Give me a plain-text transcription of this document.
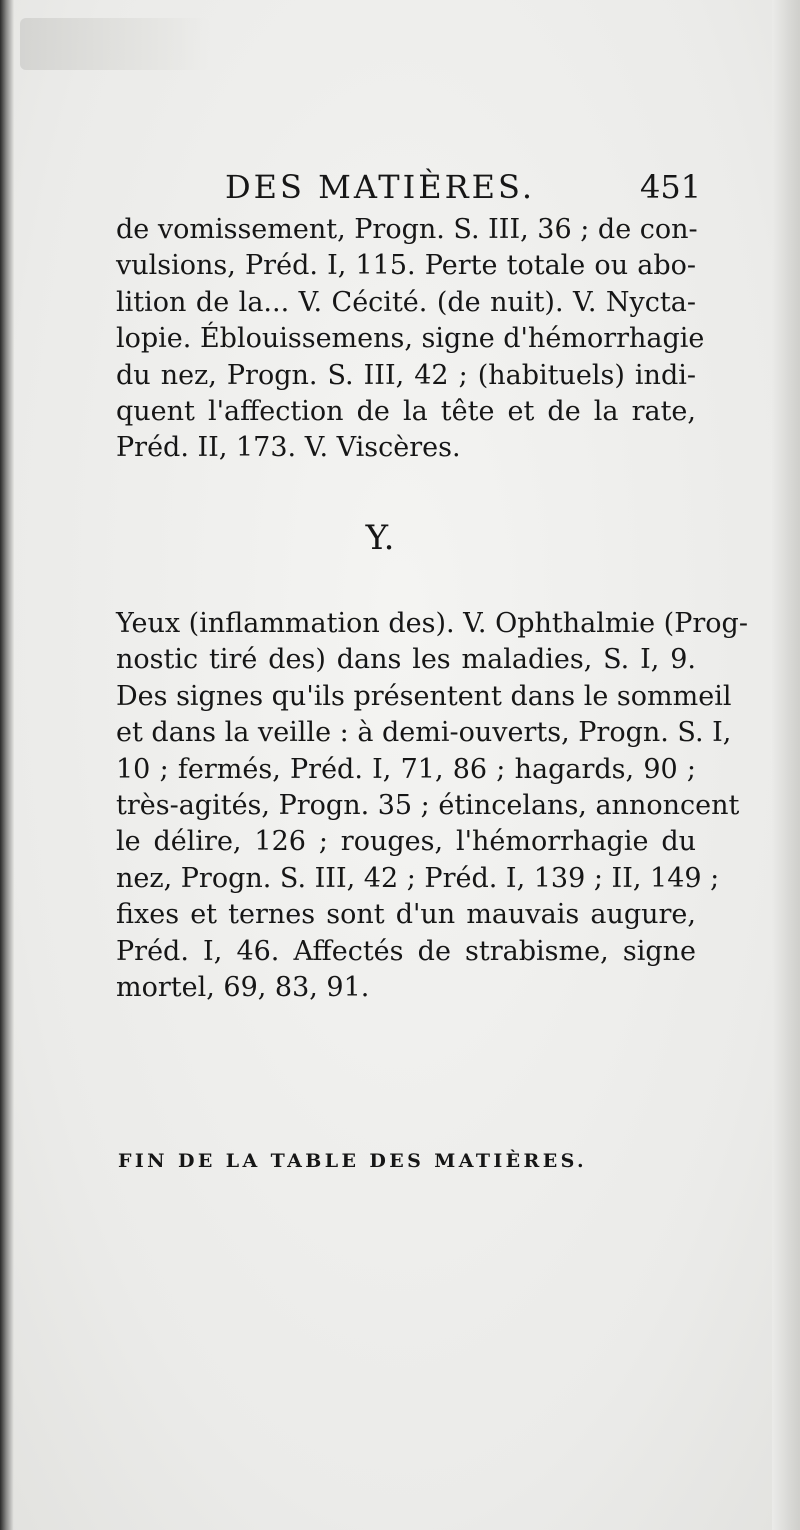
DES MATIÈRES.	451
de vomissement, Progn. S. III, 36 ; de con-
vulsions, Préd. I, 115. Perte totale ou abo-
lition de la... V. Cécité. (de nuit). V. Nycta-
lopie. Éblouissemens, signe d'hémorrhagie
du nez, Progn. S. III, 42 ; (habituels) indi-
quent l'affection de la tête et de la rate,
Préd. II, 173. V. Viscères.
Y.
Yeux (inflammation des). V. Ophthalmie (Prog-
nostic tiré des) dans les maladies, S. I, 9.
Des signes qu'ils présentent dans le sommeil
et dans la veille : à demi-ouverts, Progn. S. I,
10 ; fermés, Préd. I, 71, 86 ; hagards, 90 ;
très-agités, Progn. 35 ; étincelans, annoncent
le délire, 126 ; rouges, l'hémorrhagie du
nez, Progn. S. III, 42 ; Préd. I, 139 ; II, 149 ;
fixes et ternes sont d'un mauvais augure,
Préd. I, 46. Affectés de strabisme, signe
mortel, 69, 83, 91.
FIN DE LA TABLE DES MATIÈRES.
